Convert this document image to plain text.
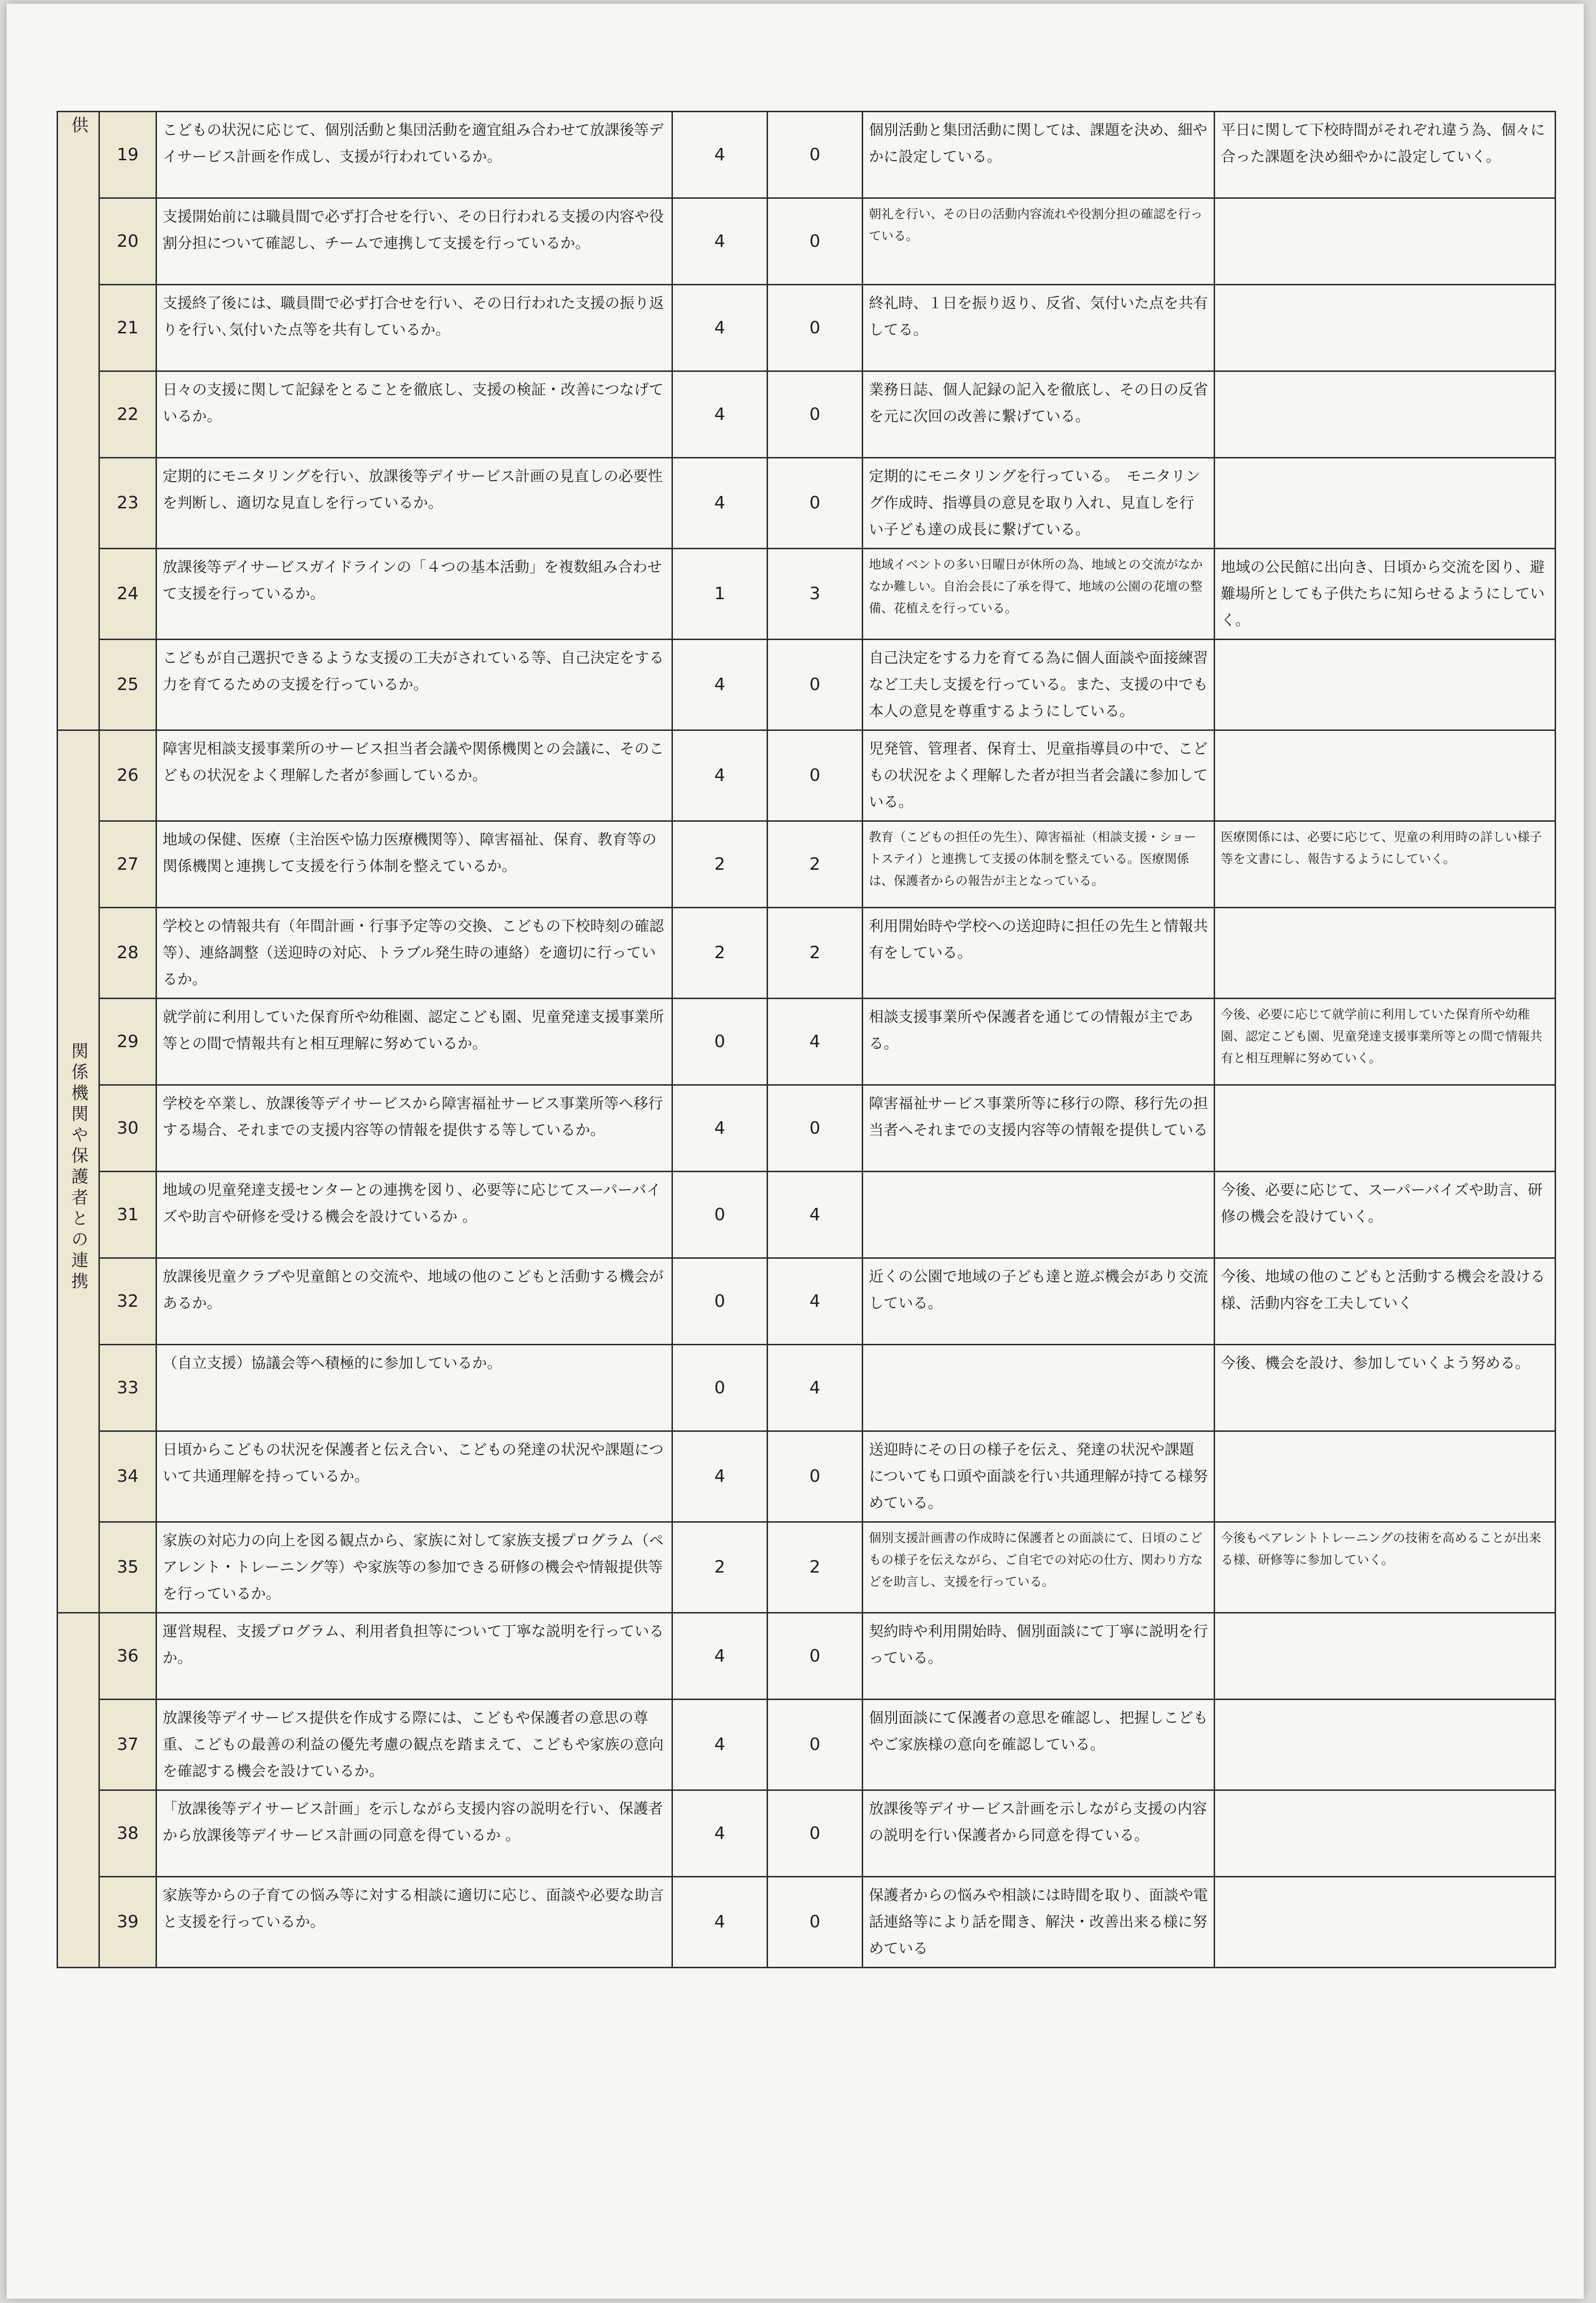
供	19	こどもの状況に応じて、個別活動と集団活動を適宜組み合わせて放課後等デイサービス計画を作成し、支援が行われているか。	4	0	個別活動と集団活動に関しては、課題を決め、細やかに設定している。	平日に関して下校時間がそれぞれ違う為、個々に合った課題を決め細やかに設定していく。
	20	支援開始前には職員間で必ず打合せを行い、その日行われる支援の内容や役割分担について確認し、チームで連携して支援を行っているか。	4	0	朝礼を行い、その日の活動内容流れや役割分担の確認を行っている。	
	21	支援終了後には、職員間で必ず打合せを行い、その日行われた支援の振り返りを行い､気付いた点等を共有しているか。	4	0	終礼時、１日を振り返り、反省、気付いた点を共有してる。	
	22	日々の支援に関して記録をとることを徹底し、支援の検証・改善につなげているか。	4	0	業務日誌、個人記録の記入を徹底し、その日の反省を元に次回の改善に繋げている。	
	23	定期的にモニタリングを行い、放課後等デイサービス計画の見直しの必要性を判断し、適切な見直しを行っているか。	4	0	定期的にモニタリングを行っている。　モニタリング作成時、指導員の意見を取り入れ、見直しを行い子ども達の成長に繋げている。	
	24	放課後等デイサービスガイドラインの「４つの基本活動」を複数組み合わせて支援を行っているか。	1	3	地域イベントの多い日曜日が休所の為、地域との交流がなかなか難しい。自治会長に了承を得て、地域の公園の花壇の整備、花植えを行っている。	地域の公民館に出向き、日頃から交流を図り、避難場所としても子供たちに知らせるようにしていく。
	25	こどもが自己選択できるような支援の工夫がされている等、自己決定をする力を育てるための支援を行っているか。	4	0	自己決定をする力を育てる為に個人面談や面接練習など工夫し支援を行っている。また、支援の中でも本人の意見を尊重するようにしている。	
関係機関や保護者との連携	26	障害児相談支援事業所のサービス担当者会議や関係機関との会議に、そのこどもの状況をよく理解した者が参画しているか。	4	0	児発管、管理者、保育士、児童指導員の中で、こどもの状況をよく理解した者が担当者会議に参加している。	
	27	地域の保健、医療（主治医や協力医療機関等）、障害福祉、保育、教育等の関係機関と連携して支援を行う体制を整えているか。	2	2	教育（こどもの担任の先生）、障害福祉（相談支援・ショートステイ）と連携して支援の体制を整えている。医療関係は、保護者からの報告が主となっている。	医療関係には、必要に応じて、児童の利用時の詳しい様子等を文書にし、報告するようにしていく。
	28	学校との情報共有（年間計画・行事予定等の交換、こどもの下校時刻の確認等）、連絡調整（送迎時の対応、トラブル発生時の連絡）を適切に行っているか。	2	2	利用開始時や学校への送迎時に担任の先生と情報共有をしている。	
	29	就学前に利用していた保育所や幼稚園、認定こども園、児童発達支援事業所等との間で情報共有と相互理解に努めているか。	0	4	相談支援事業所や保護者を通じての情報が主である。	今後、必要に応じて就学前に利用していた保育所や幼稚園、認定こども園、児童発達支援事業所等との間で情報共有と相互理解に努めていく。
	30	学校を卒業し、放課後等デイサービスから障害福祉サービス事業所等へ移行する場合、それまでの支援内容等の情報を提供する等しているか。	4	0	障害福祉サービス事業所等に移行の際、移行先の担当者へそれまでの支援内容等の情報を提供している	
	31	地域の児童発達支援センターとの連携を図り、必要等に応じてスーパーバイズや助言や研修を受ける機会を設けているか 。	0	4		今後、必要に応じて、スーパーバイズや助言、研修の機会を設けていく。
	32	放課後児童クラブや児童館との交流や、地域の他のこどもと活動する機会があるか。	0	4	近くの公園で地域の子ども達と遊ぶ機会があり交流している。	今後、地域の他のこどもと活動する機会を設ける様、活動内容を工夫していく
	33	（自立支援）協議会等へ積極的に参加しているか。	0	4		今後、機会を設け、参加していくよう努める。
	34	日頃からこどもの状況を保護者と伝え合い、こどもの発達の状況や課題について共通理解を持っているか。	4	0	送迎時にその日の様子を伝え、発達の状況や課題についても口頭や面談を行い共通理解が持てる様努めている。	
	35	家族の対応力の向上を図る観点から、家族に対して家族支援プログラム（ペアレント・トレーニング等）や家族等の参加できる研修の機会や情報提供等を行っているか。	2	2	個別支援計画書の作成時に保護者との面談にて、日頃のこどもの様子を伝えながら、ご自宅での対応の仕方、関わり方などを助言し、支援を行っている。	今後もペアレントトレーニングの技術を高めることが出来る様、研修等に参加していく。
	36	運営規程、支援プログラム、利用者負担等について丁寧な説明を行っているか。	4	0	契約時や利用開始時、個別面談にて丁寧に説明を行っている。	
	37	放課後等デイサービス提供を作成する際には、こどもや保護者の意思の尊重、こどもの最善の利益の優先考慮の観点を踏まえて、こどもや家族の意向を確認する機会を設けているか。	4	0	個別面談にて保護者の意思を確認し、把握しこどもやご家族様の意向を確認している。	
	38	「放課後等デイサービス計画」を示しながら支援内容の説明を行い、保護者から放課後等デイサービス計画の同意を得ているか 。	4	0	放課後等デイサービス計画を示しながら支援の内容の説明を行い保護者から同意を得ている。	
	39	家族等からの子育ての悩み等に対する相談に適切に応じ、面談や必要な助言と支援を行っているか。	4	0	保護者からの悩みや相談には時間を取り、面談や電話連絡等により話を聞き、解決・改善出来る様に努めている	
